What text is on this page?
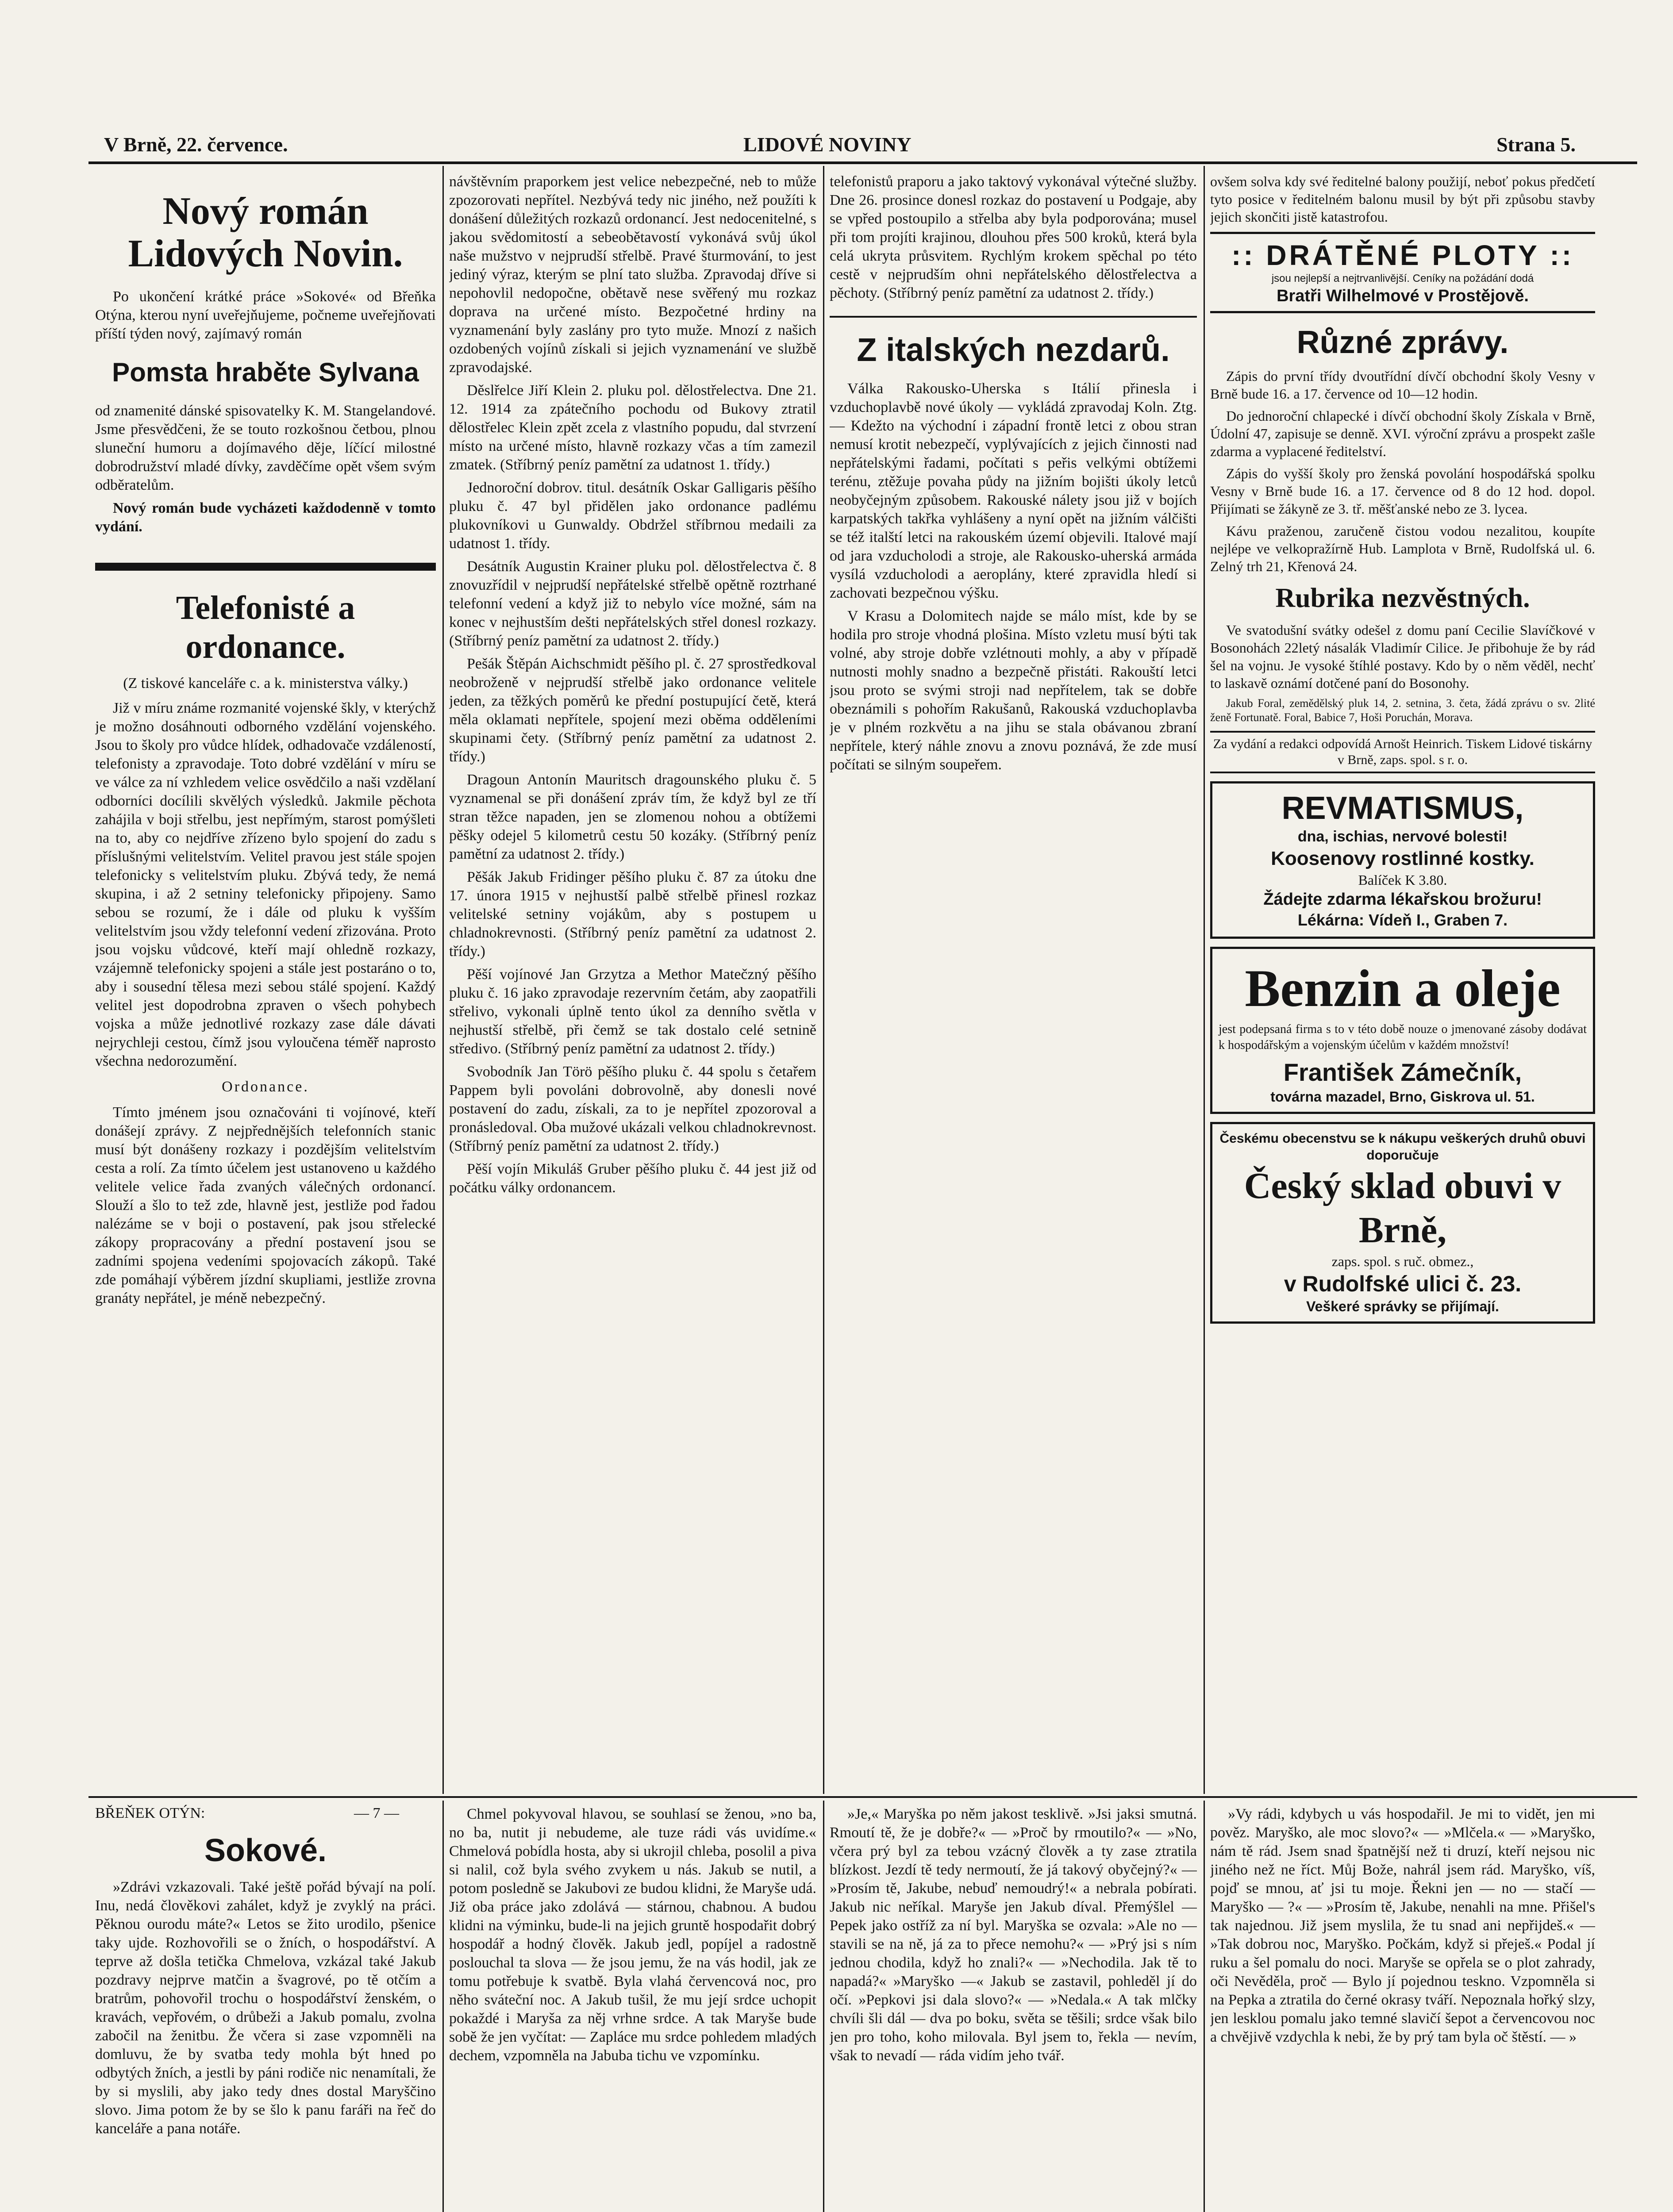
V Brně, 22. července.	LIDOVÉ NOVINY	Strana 5.
Nový román Lidových Novin.

Po ukončení krátké práce »Sokové« od Břeňka Otýna, kterou nyní uveřejňujeme, počneme uveřejňovati příští týden nový, zajímavý román

Pomsta hraběte Sylvana

od znamenité dánské spisovatelky K. M. Stangelandové. Jsme přesvědčeni, že se touto rozkošnou četbou, plnou sluneční humoru a dojímavého děje, líčící milostné dobrodružství mladé dívky, zavděčíme opět všem svým odběratelům.

Nový román bude vycházeti každodenně v tomto vydání.

Telefonisté a ordonance.
(Z tiskové kanceláře c. a k. ministerstva války.)

Již v míru známe rozmanité vojenské škly, v kterýchž je možno dosáhnouti odborného vzdělání vojenského. Jsou to školy pro vůdce hlídek, odhadovače vzdáleností, telefonisty a zpravodaje. Toto dobré vzdělání v míru se ve válce za ní vzhledem velice osvědčilo a naši vzdělaní odborníci docílili skvělých výsledků. Jakmile pěchota zahájila v boji střelbu, jest nepřímým, starost pomýšleti na to, aby co nejdříve zřízeno bylo spojení do zadu s příslušnými velitelstvím. Velitel pravou jest stále spojen telefonicky s velitelstvím pluku. Zbývá tedy, že nemá skupina, i až 2 setniny telefonicky připojeny. Samo sebou se rozumí, že i dále od pluku k vyšším velitelstvím jsou vždy telefonní vedení zřizována. Proto jsou vojsku vůdcové, kteří mají ohledně rozkazy, vzájemně telefonicky spojeni a stále jest postaráno o to, aby i sousední tělesa mezi sebou stálé spojení. Každý velitel jest dopodrobna zpraven o všech pohybech vojska a může jednotlivé rozkazy zase dále dávati nejrychleji cestou, čímž jsou vyloučena téměř naprosto všechna nedorozumění.

Ordonance.

Tímto jménem jsou označováni ti vojínové, kteří donášejí zprávy. Z nejpřednějších telefonních stanic musí být donášeny rozkazy i pozdějším velitelstvím cesta a rolí. Za tímto účelem jest ustanoveno u každého velitele velice řada zvaných válečných ordonancí. Slouží a šlo to tež zde, hlavně jest, jestliže pod řadou nalézáme se v boji o postavení, pak jsou střelecké zákopy propracovány a přední postavení jsou se zadními spojena vedeními spojovacích zákopů. Také zde pomáhají výběrem jízdní skupliami, jestliže zrovna granáty nepřátel, je méně nebezpečný.

návštěvním praporkem jest velice nebezpečné, neb to může zpozorovati nepřítel. Nezbývá tedy nic jiného, než použíti k donášení důležitých rozkazů ordonancí. Jest nedocenitelné, s jakou svědomitostí a sebeobětavostí vykonává svůj úkol naše mužstvo v nejprudší střelbě. Pravé šturmování, to jest jediný výraz, kterým se plní tato služba. Zpravodaj dříve si nepohovlil nedopočne, obětavě nese svěřený mu rozkaz doprava na určené místo. Bezpočetné hrdiny na vyznamenání byly zaslány pro tyto muže. Mnozí z našich ozdobených vojínů získali si jejich vyznamenání ve službě zpravodajské.

Děslřelce Jiří Klein 2. pluku pol. dělostřelectva. Dne 21. 12. 1914 za zpátečního pochodu od Bukovy ztratil dělostřelec Klein zpět zcela z vlastního popudu, dal stvrzení místo na určené místo, hlavně rozkazy včas a tím zamezil zmatek. (Stříbrný peníz pamětní za udatnost 1. třídy.)

Jednoroční dobrov. titul. desátník Oskar Galligaris pěšího pluku č. 47 byl přidělen jako ordonance padlému plukovníkovi u Gunwaldy. Obdržel stříbrnou medaili za udatnost 1. třídy.

Desátník Augustin Krainer pluku pol. dělostřelectva č. 8 znovuzřídil v nejprudší nepřátelské střelbě opětně roztrhané telefonní vedení a když již to nebylo více možné, sám na konec v nejhustším dešti nepřátelských střel donesl rozkazy. (Stříbrný peníz pamětní za udatnost 2. třídy.)

Pešák Štěpán Aichschmidt pěšího pl. č. 27 sprostředkoval neobroženě v nejprudší střelbě jako ordonance velitele jeden, za těžkých poměrů ke přední postupující četě, která měla oklamati nepřítele, spojení mezi oběma odděleními skupinami čety. (Stříbrný peníz pamětní za udatnost 2. třídy.)

Dragoun Antonín Mauritsch dragounského pluku č. 5 vyznamenal se při donášení zpráv tím, že když byl ze tří stran těžce napaden, jen se zlomenou nohou a obtížemi pěšky odejel 5 kilometrů cestu 50 kozáky. (Stříbrný peníz pamětní za udatnost 2. třídy.)

Pěšák Jakub Fridinger pěšího pluku č. 87 za útoku dne 17. února 1915 v nejhustší palbě střelbě přinesl rozkaz velitelské setniny vojákům, aby s postupem u chladnokrevnosti. (Stříbrný peníz pamětní za udatnost 2. třídy.)

Pěší vojínové Jan Grzytza a Methor Matečzný pěšího pluku č. 16 jako zpravodaje rezervním četám, aby zaopatřili střelivo, vykonali úplně tento úkol za denního světla v nejhustší střelbě, při čemž se tak dostalo celé setnině středivo. (Stříbrný peníz pamětní za udatnost 2. třídy.)

Svobodník Jan Törö pěšího pluku č. 44 spolu s četařem Pappem byli povoláni dobrovolně, aby donesli nové postavení do zadu, získali, za to je nepřítel zpozoroval a pronásledoval. Oba mužové ukázali velkou chladnokrevnost. (Stříbrný peníz pamětní za udatnost 2. třídy.)

Pěší vojín Mikuláš Gruber pěšího pluku č. 44 jest již od počátku války ordonancem.

telefonistů praporu a jako taktový vykonával výtečné služby. Dne 26. prosince donesl rozkaz do postavení u Podgaje, aby se vpřed postoupilo a střelba aby byla podporována; musel při tom projíti krajinou, dlouhou přes 500 kroků, která byla celá ukryta průsvitem. Rychlým krokem spěchal po této cestě v nejprudším ohni nepřátelského dělostřelectva a pěchoty. (Stříbrný peníz pamětní za udatnost 2. třídy.)

Z italských nezdarů.

Válka Rakousko-Uherska s Itálií přinesla i vzduchoplavbě nové úkoly — vykládá zpravodaj Koln. Ztg. — Kdežto na východní i západní frontě letci z obou stran nemusí krotit nebezpečí, vyplývajících z jejich činnosti nad nepřátelskými řadami, počítati s peřis velkými obtížemi terénu, ztěžuje povaha půdy na jižním bojišti úkoly letců neobyčejným způsobem. Rakouské nálety jsou již v bojích karpatských takřka vyhlášeny a nyní opět na jižním válčišti se též italští letci na rakouském území objevili. Italové mají od jara vzducholodi a stroje, ale Rakousko-uherská armáda vysílá vzducholodi a aeroplány, které zpravidla hledí si zachovati bezpečnou výšku.

V Krasu a Dolomitech najde se málo míst, kde by se hodila pro stroje vhodná plošina. Místo vzletu musí býti tak volné, aby stroje dobře vzlétnouti mohly, a aby v případě nutnosti mohly snadno a bezpečně přistáti. Rakouští letci jsou proto se svými stroji nad nepřítelem, tak se dobře obeznámili s pohořím Rakušanů, Rakouská vzduchoplavba je v plném rozkvětu a na jihu se stala obávanou zbraní nepřítele, který náhle znovu a znovu poznává, že zde musí počítati se silným soupeřem.

ovšem solva kdy své ředitelné balony použijí, neboť pokus předčetí tyto posice v ředitelném balonu musil by být při způsobu stavby jejich skončiti jistě katastrofou.

:: DRÁTĚNÉ PLOTY ::
jsou nejlepší a nejtrvanlivější. Ceníky na požádání dodá
Bratři Wilhelmové v Prostějově.
Různé zprávy.

Zápis do první třídy dvoutřídní dívčí obchodní školy Vesny v Brně bude 16. a 17. července od 10—12 hodin.

Do jednoroční chlapecké i dívčí obchodní školy Získala v Brně, Údolní 47, zapisuje se denně. XVI. výroční zprávu a prospekt zašle zdarma a vyplacené ředitelství.

Zápis do vyšší školy pro ženská povolání hospodářská spolku Vesny v Brně bude 16. a 17. července od 8 do 12 hod. dopol. Přijímati se žákyně ze 3. tř. měšťanské nebo ze 3. lycea.

Kávu praženou, zaručeně čistou vodou nezalitou, koupíte nejlépe ve velkopražírně Hub. Lamplota v Brně, Rudolfská ul. 6. Zelný trh 21, Křenová 24.

Rubrika nezvěstných.

Ve svatodušní svátky odešel z domu paní Cecilie Slavíčkové v Bosonohách 22letý násalák Vladimír Cilice. Je přibohuje že by rád šel na vojnu. Je vysoké štíhlé postavy. Kdo by o něm věděl, nechť to laskavě oznámí dotčené paní do Bosonohy.

Jakub Foral, zemědělský pluk 14, 2. setnina, 3. četa, žádá zprávu o sv. 2lité ženě Fortunatě. Foral, Babice 7, Hoši Poruchán, Morava.

Za vydání a redakci odpovídá Arnošt Heinrich. Tiskem Lidové tiskárny v Brně, zaps. spol. s r. o.
REVMATISMUS,
dna, ischias, nervové bolesti!
Koosenovy rostlinné kostky.
Balíček K 3.80.
Žádejte zdarma lékařskou brožuru!
Lékárna: Vídeň I., Graben 7.
Benzin a oleje
jest podepsaná firma s to v této době nouze o jmenované zásoby dodávat k hospodářským a vojenským účelům v každém množství!
František Zámečník,
továrna mazadel, Brno, Giskrova ul. 51.
Českému obecenstvu se k nákupu veškerých druhů obuvi doporučuje
Český sklad obuvi v Brně,
zaps. spol. s ruč. obmez.,
v Rudolfské ulici č. 23.
Veškeré správky se přijímají.
BŘEŇEK OTÝN:	— 7 —
Sokové.

»Zdrávi vzkazovali. Také ještě pořád bývají na polí. Inu, nedá člověkovi zahálet, když je zvyklý na práci. Pěknou ourodu máte?« Letos se žito urodilo, pšenice taky ujde. Rozhovořili se o žních, o hospodářství. A teprve až došla tetička Chmelova, vzkázal také Jakub pozdravy nejprve matčin a švagrové, po tě otčím a bratrům, pohovořil trochu o hospodářství ženském, o kravách, vepřovém, o drůbeži a Jakub pomalu, zvolna zabočil na ženitbu. Že včera si zase vzpomněli na domluvu, že by svatba tedy mohla být hned po odbytých žních, a jestli by páni rodiče nic nenamítali, že by si myslili, aby jako tedy dnes dostal Maryščino slovo. Jima potom že by se šlo k panu faráři na řeč do kanceláře a pana notáře.

Chmel pokyvoval hlavou, se souhlasí se ženou, »no ba, no ba, nutit ji nebudeme, ale tuze rádi vás uvidíme.« Chmelová pobídla hosta, aby si ukrojil chleba, posolil a piva si nalil, což byla svého zvykem u nás. Jakub se nutil, a potom posledně se Jakubovi ze budou klidni, že Maryše udá. Již oba práce jako zdolává — stárnou, chabnou. A budou klidni na výminku, bude-li na jejich gruntě hospodařit dobrý hospodář a hodný člověk. Jakub jedl, popíjel a radostně poslouchal ta slova — že jsou jemu, že na vás hodil, jak ze tomu potřebuje k svatbě. Byla vlahá červencová noc, pro něho sváteční noc. A Jakub tušil, že mu její srdce uchopit pokaždé i Maryša za něj vrhne srdce. A tak Maryše bude sobě že jen vyčítat: — Zapláce mu srdce pohledem mladých dechem, vzpomněla na Jabuba tichu ve vzpomínku.

»Je,« Maryška po něm jakost tesklivě. »Jsi jaksi smutná. Rmoutí tě, že je dobře?« — »Proč by rmoutilo?« — »No, včera prý byl za tebou vzácný člověk a ty zase ztratila blízkost. Jezdí tě tedy nermoutí, že já takový obyčejný?« — »Prosím tě, Jakube, nebuď nemoudrý!« a nebrala pobírati. Jakub nic neříkal. Maryše jen Jakub díval. Přemýšlel — Pepek jako ostříž za ní byl. Maryška se ozvala: »Ale no — stavili se na ně, já za to přece nemohu?« — »Prý jsi s ním jednou chodila, když ho znali?« — »Nechodila. Jak tě to napadá?« »Maryško —« Jakub se zastavil, pohleděl jí do očí. »Pepkovi jsi dala slovo?« — »Nedala.« A tak mlčky chvíli šli dál — dva po boku, světa se těšili; srdce však bilo jen pro toho, koho milovala. Byl jsem to, řekla — nevím, však to nevadí — ráda vidím jeho tvář.

»Vy rádi, kdybych u vás hospodařil. Je mi to vidět, jen mi pověz. Maryško, ale moc slovo?« — »Mlčela.« — »Maryško, nám tě rád. Jsem snad špatnější než ti druzí, kteří nejsou nic jiného než ne říct. Můj Bože, nahrál jsem rád. Maryško, víš, pojď se mnou, ať jsi tu moje. Řekni jen — no — stačí — Maryško — ?« — »Prosím tě, Jakube, nenahli na mne. Přišel's tak najednou. Již jsem myslila, že tu snad ani nepřijdeš.« — »Tak dobrou noc, Maryško. Počkám, když si přeješ.« Podal jí ruku a šel pomalu do noci. Maryše se opřela se o plot zahrady, oči Nevěděla, proč — Bylo jí pojednou teskno. Vzpomněla si na Pepka a ztratila do černé okrasy tváří. Nepoznala hořký slzy, jen lesklou pomalu jako temné slavičí šepot a červencovou noc a chvějivě vzdychla k nebi, že by prý tam byla oč štěstí. — »
